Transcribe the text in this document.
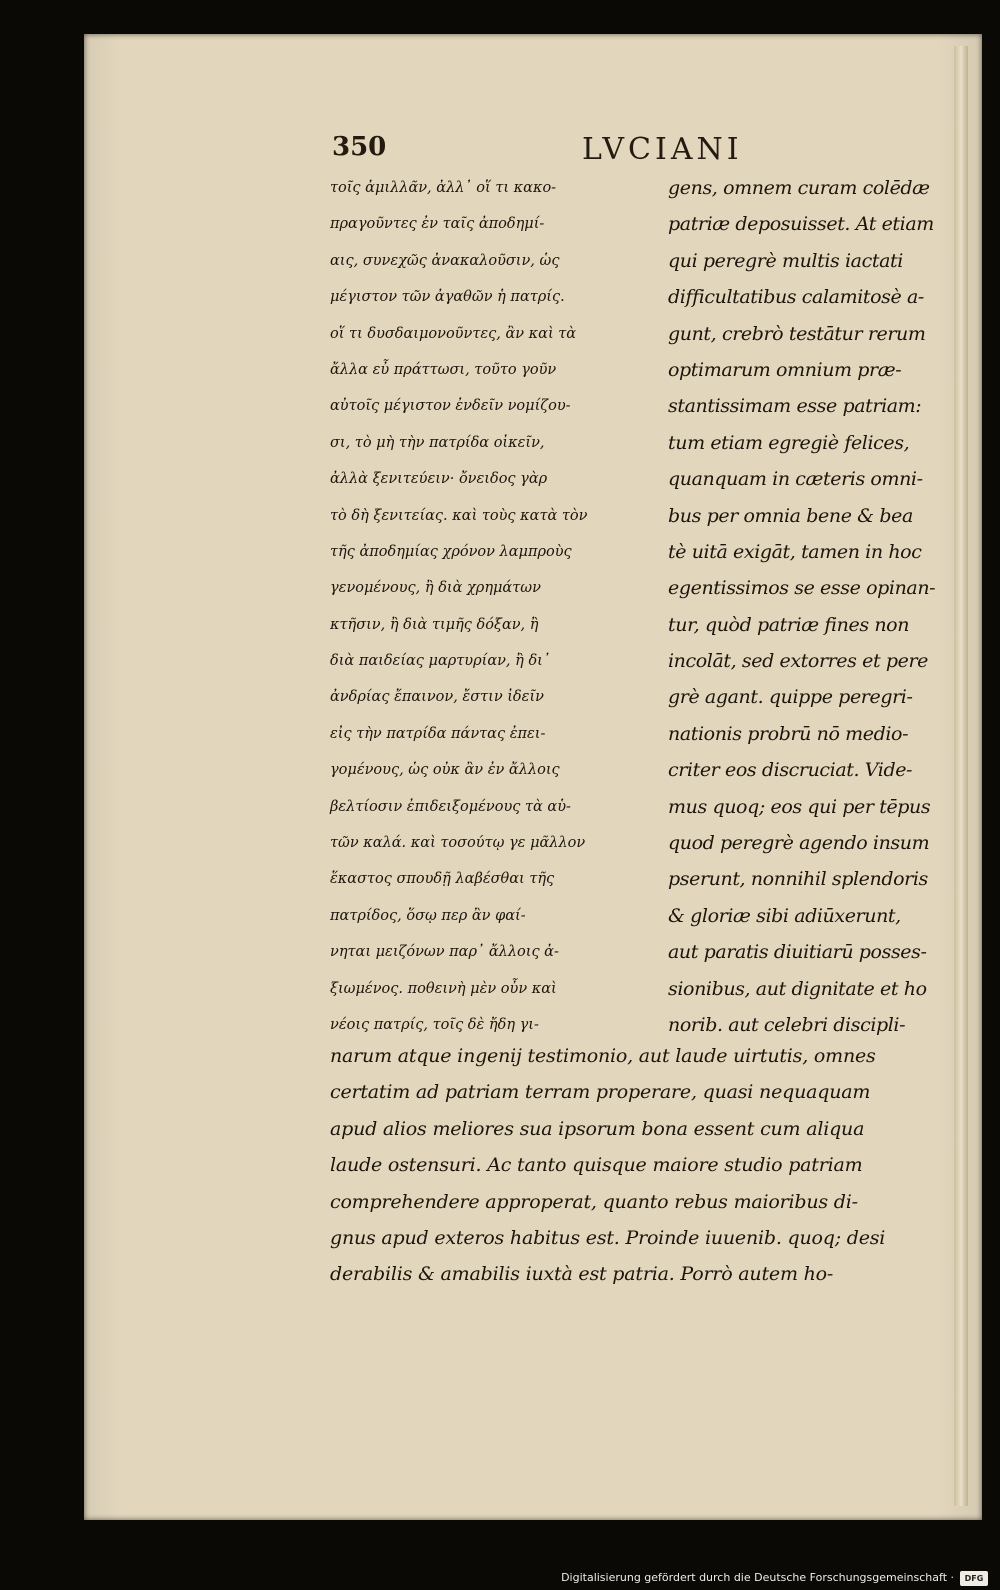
350	LVCIANI
τοῖς ἀμιλλᾶν, ἀλλ᾽ οἵ τι κακο-
πραγοῦντες ἐν ταῖς ἀποδημί-
αις, συνεχῶς ἀνακαλοῦσιν, ὡς
μέγιστον τῶν ἀγαθῶν ἡ πατρίς.
οἵ τι δυσδαιμονοῦντες, ἂν καὶ τὰ
ἄλλα εὖ πράττωσι, τοῦτο γοῦν
αὐτοῖς μέγιστον ἐνδεῖν νομίζου-
σι, τὸ μὴ τὴν πατρίδα οἰκεῖν,
ἀλλὰ ξενιτεύειν· ὄνειδος γὰρ
τὸ δὴ ξενιτείας. καὶ τοὺς κατὰ τὸν
τῆς ἀποδημίας χρόνον λαμπροὺς
γενομένους, ἢ διὰ χρημάτων
κτῆσιν, ἢ διὰ τιμῆς δόξαν, ἢ
διὰ παιδείας μαρτυρίαν, ἢ δι᾽
ἀνδρίας ἔπαινον, ἔστιν ἰδεῖν
εἰς τὴν πατρίδα πάντας ἐπει-
γομένους, ὡς οὐκ ἂν ἐν ἄλλοις
βελτίοσιν ἐπιδειξομένους τὰ αὑ-
τῶν καλά. καὶ τοσούτῳ γε μᾶλλον
ἕκαστος σπουδῇ λαβέσθαι τῆς
πατρίδος, ὅσῳ περ ἂν φαί-
νηται μειζόνων παρ᾽ ἄλλοις ἀ-
ξιωμένος. ποθεινὴ μὲν οὖν καὶ
νέοις πατρίς, τοῖς δὲ ἤδη γι-
gens, omnem curam colēdæ
patriæ deposuisset. At etiam
qui peregrè multis iactati
difficultatibus calamitosè a-
gunt, crebrò testātur rerum
optimarum omnium præ-
stantissimam esse patriam:
tum etiam egregiè felices,
quanquam in cæteris omni-
bus per omnia bene & bea
tè uitā exigāt, tamen in hoc
egentissimos se esse opinan-
tur, quòd patriæ fines non
incolāt, sed extorres et pere
grè agant. quippe peregri-
nationis probrū nō medio-
criter eos discruciat. Vide-
mus quoq; eos qui per tēpus
quod peregrè agendo insum
pserunt, nonnihil splendoris
& gloriæ sibi adiūxerunt,
aut paratis diuitiarū posses-
sionibus, aut dignitate et ho
norib. aut celebri discipli-
narum atque ingenij testimonio, aut laude uirtutis, omnes
certatim ad patriam terram properare, quasi nequaquam
apud alios meliores sua ipsorum bona essent cum aliqua
laude ostensuri. Ac tanto quisque maiore studio patriam
comprehendere approperat, quanto rebus maioribus di-
gnus apud exteros habitus est. Proinde iuuenib. quoq; desi
derabilis & amabilis iuxtà est patria. Porrò autem ho-
Digitalisierung gefördert durch die Deutsche Forschungsgemeinschaft ·	DFG
